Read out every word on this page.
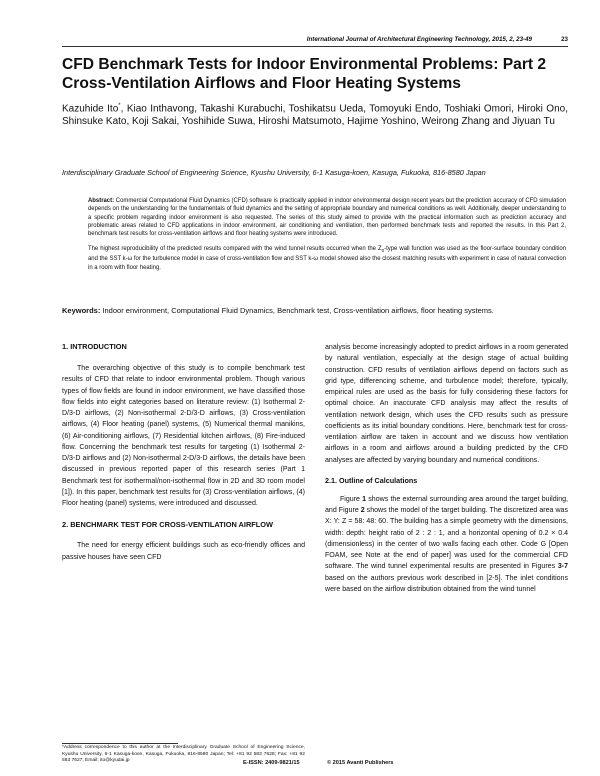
International Journal of Architectural Engineering Technology, 2015, 2, 23-49	23
CFD Benchmark Tests for Indoor Environmental Problems: Part 2 Cross-Ventilation Airflows and Floor Heating Systems
Kazuhide Ito*, Kiao Inthavong, Takashi Kurabuchi, Toshikatsu Ueda, Tomoyuki Endo, Toshiaki Omori, Hiroki Ono, Shinsuke Kato, Koji Sakai, Yoshihide Suwa, Hiroshi Matsumoto, Hajime Yoshino, Weirong Zhang and Jiyuan Tu
Interdisciplinary Graduate School of Engineering Science, Kyushu University, 6-1 Kasuga-koen, Kasuga, Fukuoka, 816-8580 Japan

Abstract: Commercial Computational Fluid Dynamics (CFD) software is practically applied in indoor environmental design recent years but the prediction accuracy of CFD simulation depends on the understanding for the fundamentals of fluid dynamics and the setting of appropriate boundary and numerical conditions as well. Additionally, deeper understanding to a specific problem regarding indoor environment is also requested. The series of this study aimed to provide with the practical information such as prediction accuracy and problematic areas related to CFD applications in indoor environment, air conditioning and ventilation, then performed benchmark tests and reported the results. In this Part 2, benchmark test results for cross-ventilation airflows and floor heating systems were introduced.

The highest reproducibility of the predicted results compared with the wind tunnel results occurred when the $Z_0$-type wall function was used as the floor-surface boundary condition and the SST k-ω for the turbulence model in case of cross-ventilation flow and SST k-ω model showed also the closest matching results with experiment in case of natural convection in a room with floor heating.

Keywords: Indoor environment, Computational Fluid Dynamics, Benchmark test, Cross-ventilation airflows, floor heating systems.
1. INTRODUCTION

The overarching objective of this study is to compile benchmark test results of CFD that relate to indoor environmental problem. Though various types of flow fields are found in indoor environment, we have classified those flow fields into eight categories based on literature review: (1) Isothermal 2-D/3-D airflows, (2) Non-isothermal 2-D/3-D airflows, (3) Cross-ventilation airflows, (4) Floor heating (panel) systems, (5) Numerical thermal manikins, (6) Air-conditioning airflows, (7) Residential kitchen airflows, (8) Fire-induced flow. Concerning the benchmark test results for targeting (1) Isothermal 2-D/3-D airflows and (2) Non-isothermal 2-D/3-D airflows, the details have been discussed in previous reported paper of this research series (Part 1 Benchmark test for isothermal/non-isothermal flow in 2D and 3D room model [1]). In this paper, benchmark test results for (3) Cross-ventilation airflows, (4) Floor heating (panel) systems, were introduced and discussed.

2. BENCHMARK TEST FOR CROSS-VENTILATION AIRFLOW

The need for energy efficient buildings such as eco-friendly offices and passive houses have seen CFD

analysis become increasingly adopted to predict airflows in a room generated by natural ventilation, especially at the design stage of actual building construction. CFD results of ventilation airflows depend on factors such as grid type, differencing scheme, and turbulence model; therefore, typically, empirical rules are used as the basis for fully considering these factors for optimal choice. An inaccurate CFD analysis may affect the results of ventilation network design, which uses the CFD results such as pressure coefficients as its initial boundary conditions. Here, benchmark test for cross-ventilation airflow are taken in account and we discuss how ventilation airflows in a room and airflows around a building predicted by the CFD analyses are affected by varying boundary and numerical conditions.

2.1. Outline of Calculations

Figure 1 shows the external surrounding area around the target building, and Figure 2 shows the model of the target building. The discretized area was X: Y: Z = 58: 48: 60. The building has a simple geometry with the dimensions, width: depth: height ratio of 2 : 2 : 1, and a horizontal opening of 0.2 × 0.4 (dimensionless) in the center of two walls facing each other. Code G [Open FOAM, see Note at the end of paper] was used for the commercial CFD software. The wind tunnel experimental results are presented in Figures 3-7 based on the authors previous work described in [2-5]. The inlet conditions were based on the airflow distribution obtained from the wind tunnel

*Address correspondence to this author at the Interdisciplinary Graduate School of Engineering Science, Kyushu University, 6-1 Kasuga-koen, Kasuga, Fukuoka, 816-8580 Japan; Tel: +81 92 583 7628; Fax: +81 92 583 7627; Email: ito@kyudai.jp	E-ISSN: 2409-9821/15	© 2015 Avanti Publishers
